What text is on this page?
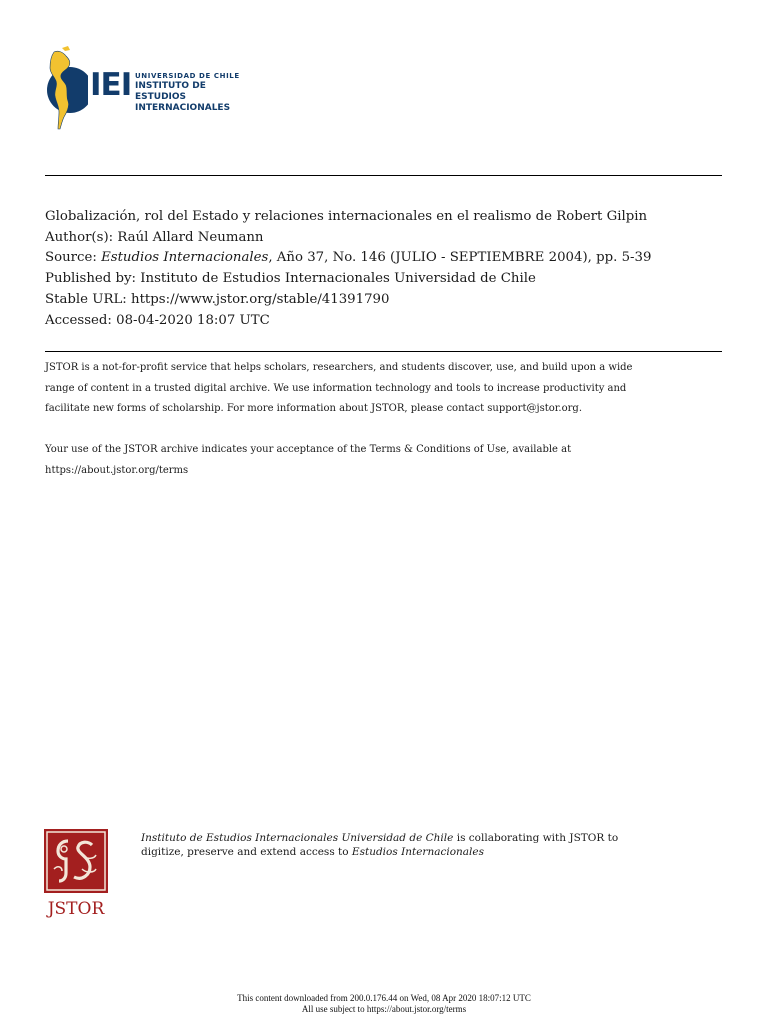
IEI UNIVERSIDAD DE CHILE
INSTITUTO DE ESTUDIOS
INTERNACIONALES
Globalización, rol del Estado y relaciones internacionales en el realismo de Robert Gilpin
Author(s): Raúl Allard Neumann
Source: Estudios Internacionales, Año 37, No. 146 (JULIO - SEPTIEMBRE 2004), pp. 5-39
Published by: Instituto de Estudios Internacionales Universidad de Chile
Stable URL: https://www.jstor.org/stable/41391790
Accessed: 08-04-2020 18:07 UTC
JSTOR is a not-for-profit service that helps scholars, researchers, and students discover, use, and build upon a wide
range of content in a trusted digital archive. We use information technology and tools to increase productivity and
facilitate new forms of scholarship. For more information about JSTOR, please contact support@jstor.org.
Your use of the JSTOR archive indicates your acceptance of the Terms & Conditions of Use, available at
https://about.jstor.org/terms
JSTOR
Instituto de Estudios Internacionales Universidad de Chile is collaborating with JSTOR to
digitize, preserve and extend access to Estudios Internacionales
This content downloaded from 200.0.176.44 on Wed, 08 Apr 2020 18:07:12 UTC
All use subject to https://about.jstor.org/terms
